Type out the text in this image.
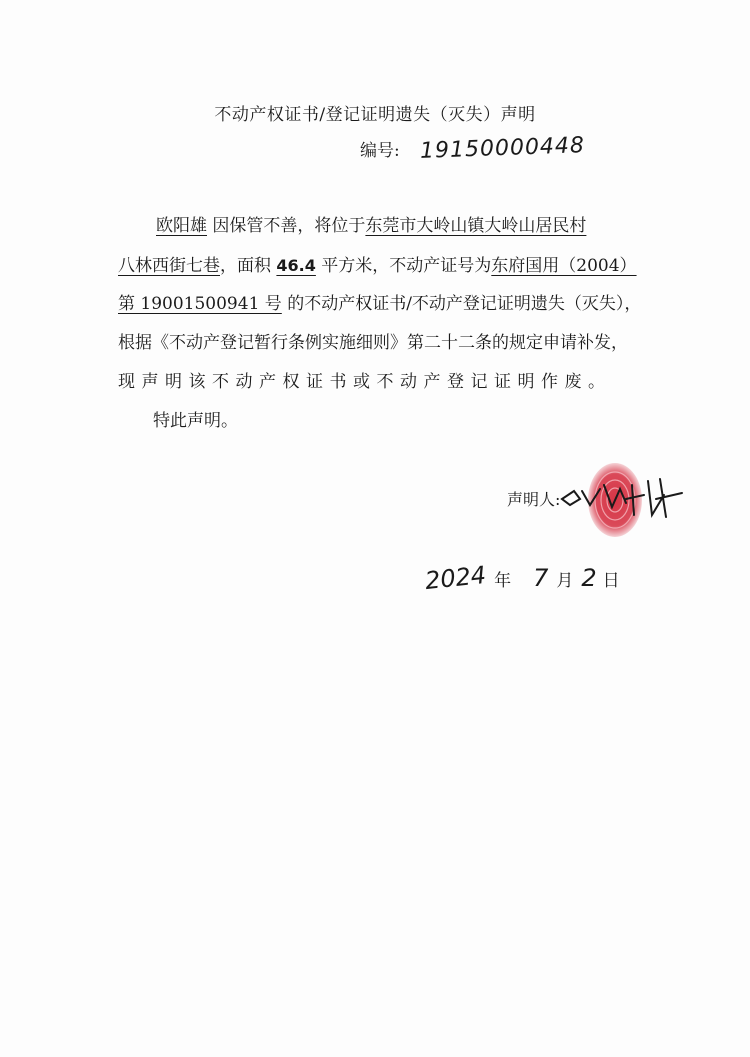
不动产权证书/登记证明遗失（灭失）声明
编号: 19150000448
欧阳雄 因保管不善，将位于东莞市大岭山镇大岭山居民村
八林西街七巷，面积 46.4 平方米，不动产证号为东府国用（2004）
第 19001500941 号 的不动产权证书/不动产登记证明遗失（灭失），
根据《不动产登记暂行条例实施细则》第二十二条的规定申请补发，
现声明该不动产权证书或不动产登记证明作废。
特此声明。
声明人:
2024 年 7 月 2 日
